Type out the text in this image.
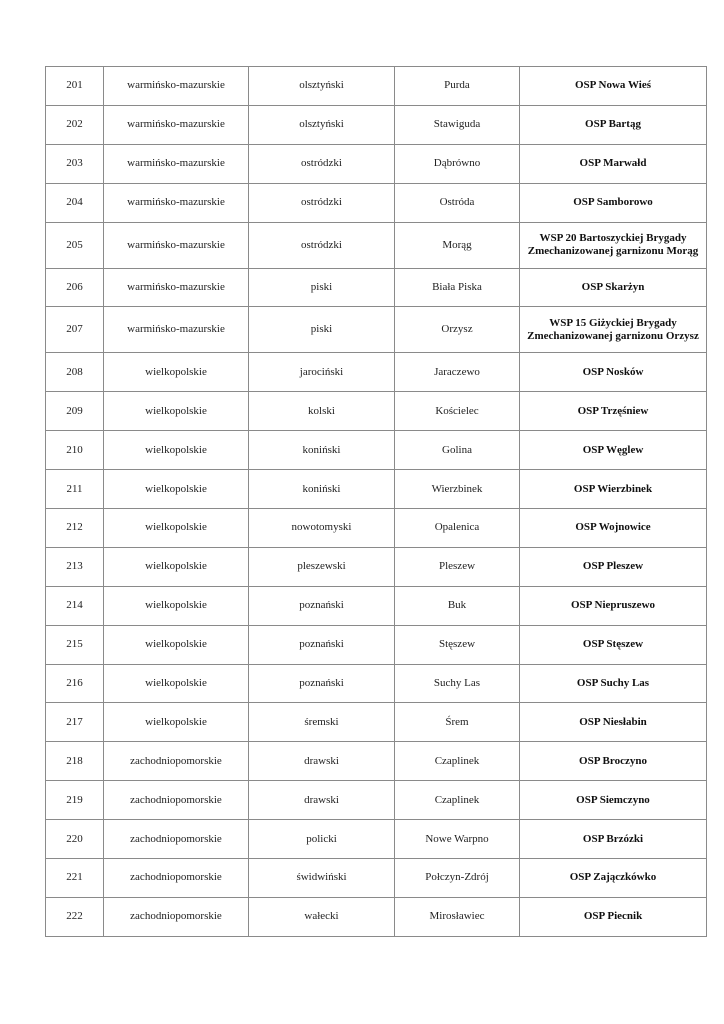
201	warmińsko-mazurskie	olsztyński	Purda	OSP Nowa Wieś
202	warmińsko-mazurskie	olsztyński	Stawiguda	OSP Bartąg
203	warmińsko-mazurskie	ostródzki	Dąbrówno	OSP Marwałd
204	warmińsko-mazurskie	ostródzki	Ostróda	OSP Samborowo
205	warmińsko-mazurskie	ostródzki	Morąg	WSP 20 Bartoszyckiej Brygady Zmechanizowanej garnizonu Morąg
206	warmińsko-mazurskie	piski	Biała Piska	OSP Skarżyn
207	warmińsko-mazurskie	piski	Orzysz	WSP 15 Giżyckiej Brygady Zmechanizowanej garnizonu Orzysz
208	wielkopolskie	jarociński	Jaraczewo	OSP Nosków
209	wielkopolskie	kolski	Kościelec	OSP Trzęśniew
210	wielkopolskie	koniński	Golina	OSP Węglew
211	wielkopolskie	koniński	Wierzbinek	OSP Wierzbinek
212	wielkopolskie	nowotomyski	Opalenica	OSP Wojnowice
213	wielkopolskie	pleszewski	Pleszew	OSP Pleszew
214	wielkopolskie	poznański	Buk	OSP Niepruszewo
215	wielkopolskie	poznański	Stęszew	OSP Stęszew
216	wielkopolskie	poznański	Suchy Las	OSP Suchy Las
217	wielkopolskie	śremski	Śrem	OSP Niesłabin
218	zachodniopomorskie	drawski	Czaplinek	OSP Broczyno
219	zachodniopomorskie	drawski	Czaplinek	OSP Siemczyno
220	zachodniopomorskie	policki	Nowe Warpno	OSP Brzózki
221	zachodniopomorskie	świdwiński	Połczyn-Zdrój	OSP Zajączkówko
222	zachodniopomorskie	wałecki	Mirosławiec	OSP Piecnik
